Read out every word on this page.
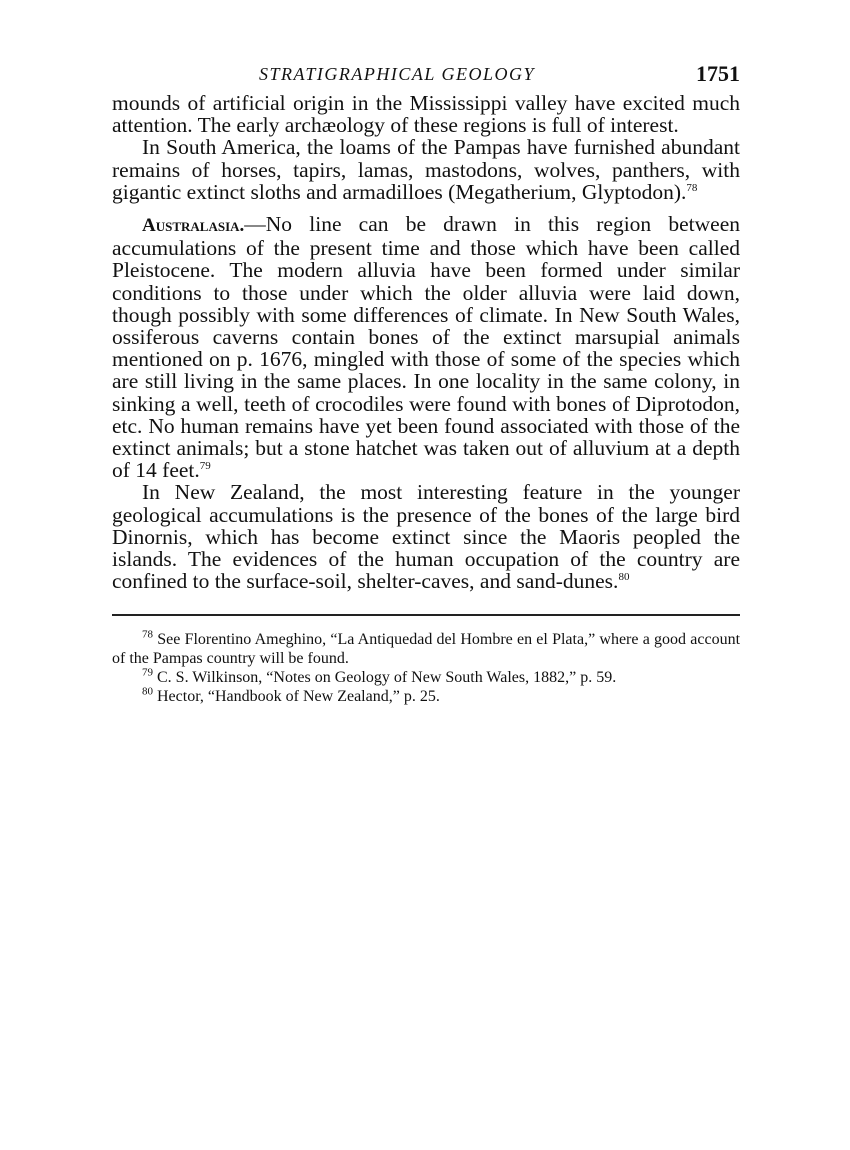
STRATIGRAPHICAL GEOLOGY	1751

mounds of artificial origin in the Mississippi valley have excited much attention. The early archæology of these regions is full of interest.

In South America, the loams of the Pampas have furnished abundant remains of horses, tapirs, lamas, mastodons, wolves, panthers, with gigantic extinct sloths and armadilloes (Megatherium, Glyptodon).$^{78}$

Australasia.—No line can be drawn in this region between accumulations of the present time and those which have been called Pleistocene. The modern alluvia have been formed under similar conditions to those under which the older alluvia were laid down, though possibly with some differences of climate. In New South Wales, ossiferous caverns contain bones of the extinct marsupial animals mentioned on p. 1676, mingled with those of some of the species which are still living in the same places. In one locality in the same colony, in sinking a well, teeth of crocodiles were found with bones of Diprotodon, etc. No human remains have yet been found associated with those of the extinct animals; but a stone hatchet was taken out of alluvium at a depth of 14 feet.$^{79}$

In New Zealand, the most interesting feature in the younger geological accumulations is the presence of the bones of the large bird Dinornis, which has become extinct since the Maoris peopled the islands. The evidences of the human occupation of the country are confined to the surface-soil, shelter-caves, and sand-dunes.$^{80}$

$^{78}$ See Florentino Ameghino, “La Antiquedad del Hombre en el Plata,” where a good account of the Pampas country will be found.

$^{79}$ C. S. Wilkinson, “Notes on Geology of New South Wales, 1882,” p. 59.

$^{80}$ Hector, “Handbook of New Zealand,” p. 25.
